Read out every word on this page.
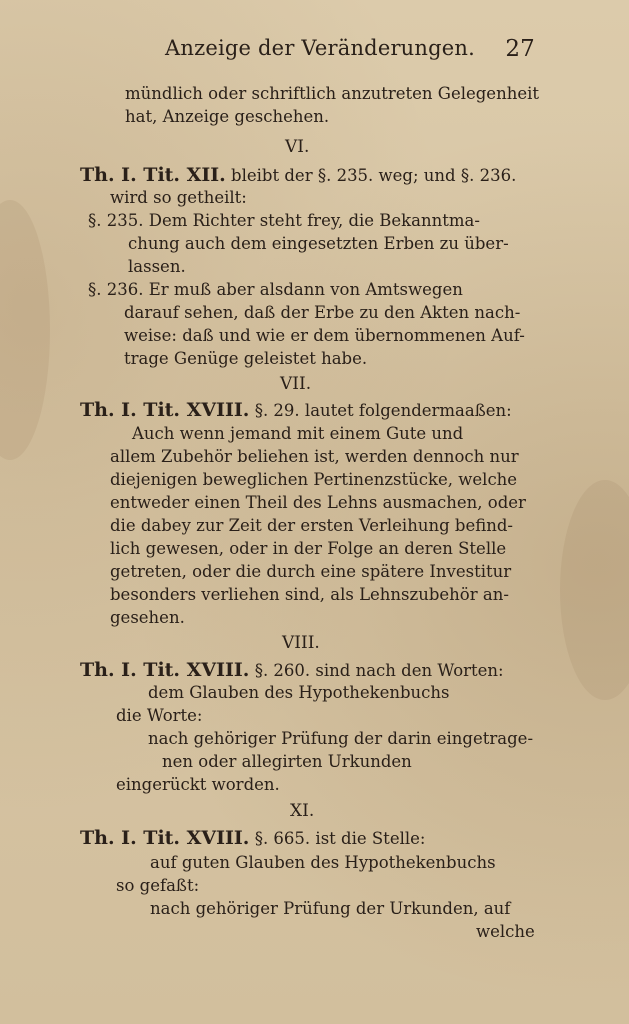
Anzeige der Veränderungen. 27
mündlich oder schriftlich anzutreten Gelegenheit
hat, Anzeige geschehen.
VI.
Th. I. Tit. XII. bleibt der §. 235. weg; und §. 236.
wird so getheilt:
§. 235. Dem Richter steht frey, die Bekanntma-
chung auch dem eingesetzten Erben zu über-
lassen.
§. 236. Er muß aber alsdann von Amtswegen
darauf sehen, daß der Erbe zu den Akten nach-
weise: daß und wie er dem übernommenen Auf-
trage Genüge geleistet habe.
VII.
Th. I. Tit. XVIII. §. 29. lautet folgendermaaßen:
Auch wenn jemand mit einem Gute und
allem Zubehör beliehen ist, werden dennoch nur
diejenigen beweglichen Pertinenzstücke, welche
entweder einen Theil des Lehns ausmachen, oder
die dabey zur Zeit der ersten Verleihung befind-
lich gewesen, oder in der Folge an deren Stelle
getreten, oder die durch eine spätere Investitur
besonders verliehen sind, als Lehnszubehör an-
gesehen.
VIII.
Th. I. Tit. XVIII. §. 260. sind nach den Worten:
dem Glauben des Hypothekenbuchs
die Worte:
nach gehöriger Prüfung der darin eingetrage-
nen oder allegirten Urkunden
eingerückt worden.
XI.
Th. I. Tit. XVIII. §. 665. ist die Stelle:
auf guten Glauben des Hypothekenbuchs
so gefaßt:
nach gehöriger Prüfung der Urkunden, auf
welche
